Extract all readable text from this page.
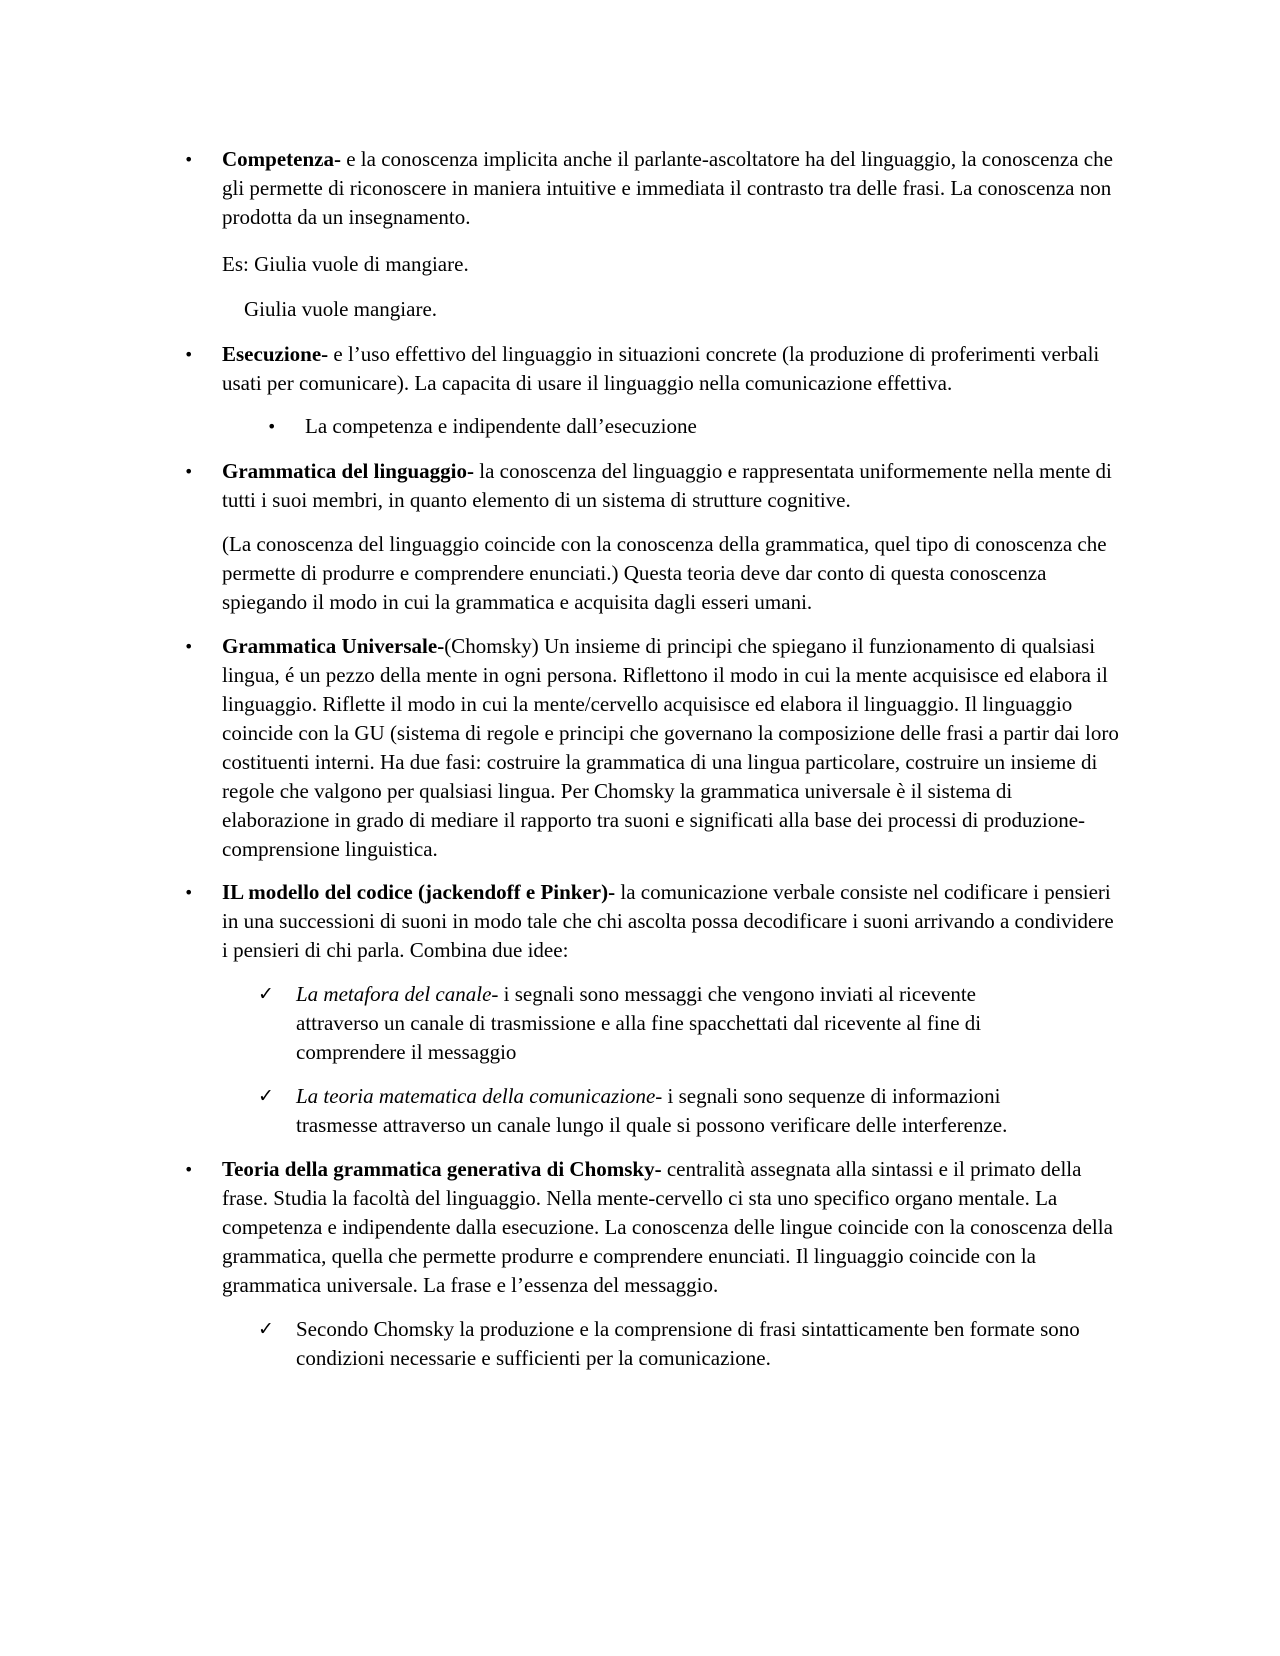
• Competenza- e la conoscenza implicita anche il parlante-ascoltatore ha del linguaggio, la conoscenza che gli permette di riconoscere in maniera intuitive e immediata il contrasto tra delle frasi. La conoscenza non prodotta da un insegnamento.

Es: Giulia vuole di mangiare.

Giulia vuole mangiare.

• Esecuzione- e l’uso effettivo del linguaggio in situazioni concrete (la produzione di proferimenti verbali usati per comunicare). La capacita di usare il linguaggio nella comunicazione effettiva.

• La competenza e indipendente dall’esecuzione

• Grammatica del linguaggio- la conoscenza del linguaggio e rappresentata uniformemente nella mente di tutti i suoi membri, in quanto elemento di un sistema di strutture cognitive.

(La conoscenza del linguaggio coincide con la conoscenza della grammatica, quel tipo di conoscenza che permette di produrre e comprendere enunciati.) Questa teoria deve dar conto di questa conoscenza spiegando il modo in cui la grammatica e acquisita dagli esseri umani.

• Grammatica Universale-(Chomsky) Un insieme di principi che spiegano il funzionamento di qualsiasi lingua, é un pezzo della mente in ogni persona. Riflettono il modo in cui la mente acquisisce ed elabora il linguaggio. Riflette il modo in cui la mente/cervello acquisisce ed elabora il linguaggio. Il linguaggio coincide con la GU (sistema di regole e principi che governano la composizione delle frasi a partir dai loro costituenti interni. Ha due fasi: costruire la grammatica di una lingua particolare, costruire un insieme di regole che valgono per qualsiasi lingua. Per Chomsky la grammatica universale è il sistema di elaborazione in grado di mediare il rapporto tra suoni e significati alla base dei processi di produzione-comprensione linguistica.

• IL modello del codice (jackendoff e Pinker)- la comunicazione verbale consiste nel codificare i pensieri in una successioni di suoni in modo tale che chi ascolta possa decodificare i suoni arrivando a condividere i pensieri di chi parla. Combina due idee:

✓ La metafora del canale- i segnali sono messaggi che vengono inviati al ricevente attraverso un canale di trasmissione e alla fine spacchettati dal ricevente al fine di comprendere il messaggio

✓ La teoria matematica della comunicazione- i segnali sono sequenze di informazioni trasmesse attraverso un canale lungo il quale si possono verificare delle interferenze.

• Teoria della grammatica generativa di Chomsky- centralità assegnata alla sintassi e il primato della frase. Studia la facoltà del linguaggio. Nella mente-cervello ci sta uno specifico organo mentale. La competenza e indipendente dalla esecuzione. La conoscenza delle lingue coincide con la conoscenza della grammatica, quella che permette produrre e comprendere enunciati. Il linguaggio coincide con la grammatica universale. La frase e l’essenza del messaggio.

✓ Secondo Chomsky la produzione e la comprensione di frasi sintatticamente ben formate sono condizioni necessarie e sufficienti per la comunicazione.
